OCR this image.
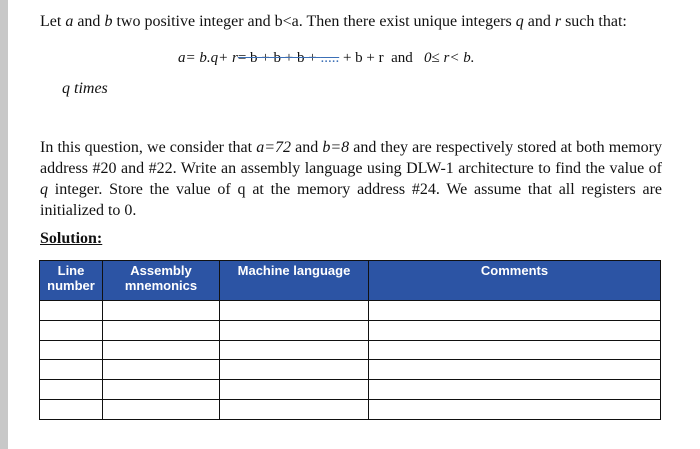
Let a and b two positive integer and b<a. Then there exist unique integers q and r such that:
a= b.q+ r= b + b + b + ..... + b + r and 0≤ r< b.
q times
In this question, we consider that a=72 and b=8 and they are respectively stored at both memory address #20 and #22. Write an assembly language using DLW-1 architecture to find the value of q integer. Store the value of q at the memory address #24. We assume that all registers are initialized to 0.
Solution:
Line number	Assembly mnemonics	Machine language	Comments
